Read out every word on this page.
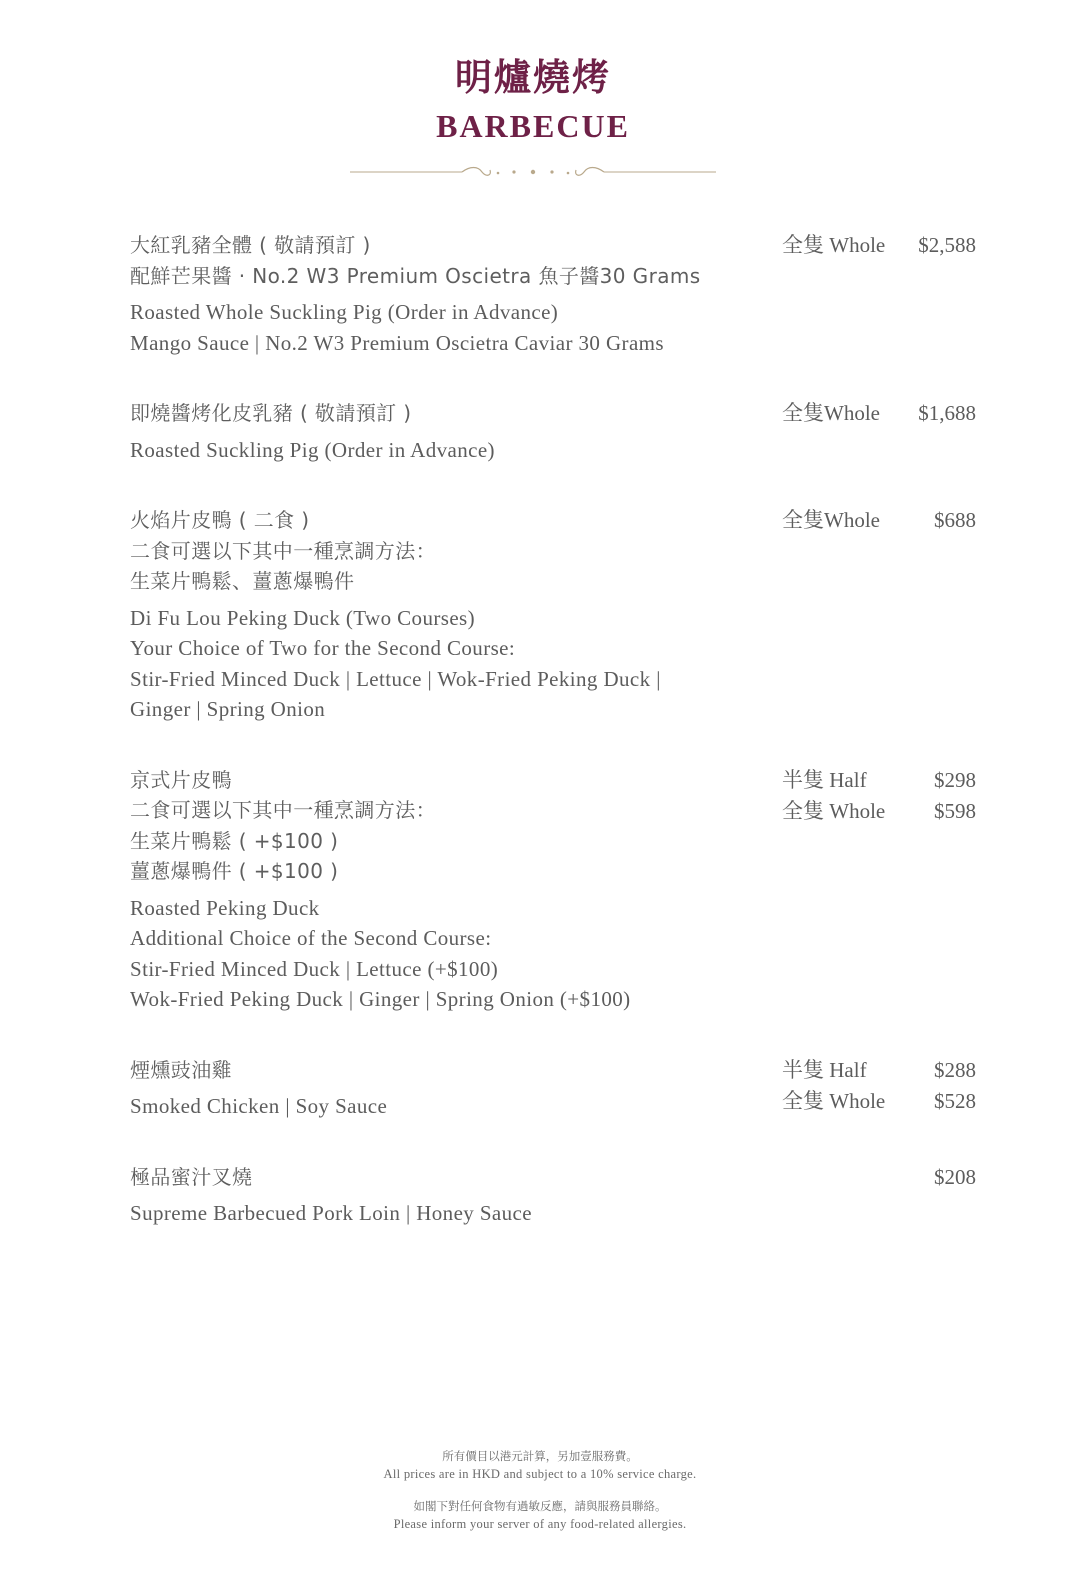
明爐燒烤
BARBECUE
大紅乳豬全體 ( 敬請預訂 )
配鮮芒果醬 · No.2 W3 Premium Oscietra 魚子醬30 Grams
Roasted Whole Suckling Pig (Order in Advance)
Mango Sauce | No.2 W3 Premium Oscietra Caviar 30 Grams
全隻 Whole $2,588
即燒醬烤化皮乳豬 ( 敬請預訂 )
Roasted Suckling Pig (Order in Advance)
全隻Whole $1,688
火焰片皮鴨 ( 二食 )
二食可選以下其中一種烹調方法：
生菜片鴨鬆、薑蔥爆鴨件
Di Fu Lou Peking Duck (Two Courses)
Your Choice of Two for the Second Course:
Stir-Fried Minced Duck | Lettuce | Wok-Fried Peking Duck |
Ginger | Spring Onion
全隻Whole	$688
京式片皮鴨
二食可選以下其中一種烹調方法：
生菜片鴨鬆 ( +$100 )
薑蔥爆鴨件 ( +$100 )
Roasted Peking Duck
Additional Choice of the Second Course:
Stir-Fried Minced Duck | Lettuce (+$100)
Wok-Fried Peking Duck | Ginger | Spring Onion (+$100)
半隻 Half	$298
全隻 Whole $598
煙燻豉油雞
Smoked Chicken | Soy Sauce
半隻 Half	$288
全隻 Whole $528
極品蜜汁叉燒
Supreme Barbecued Pork Loin | Honey Sauce
$208
所有價目以港元計算，另加壹服務費。
All prices are in HKD and subject to a 10% service charge.
如閣下對任何食物有過敏反應，請與服務員聯絡。
Please inform your server of any food-related allergies.
